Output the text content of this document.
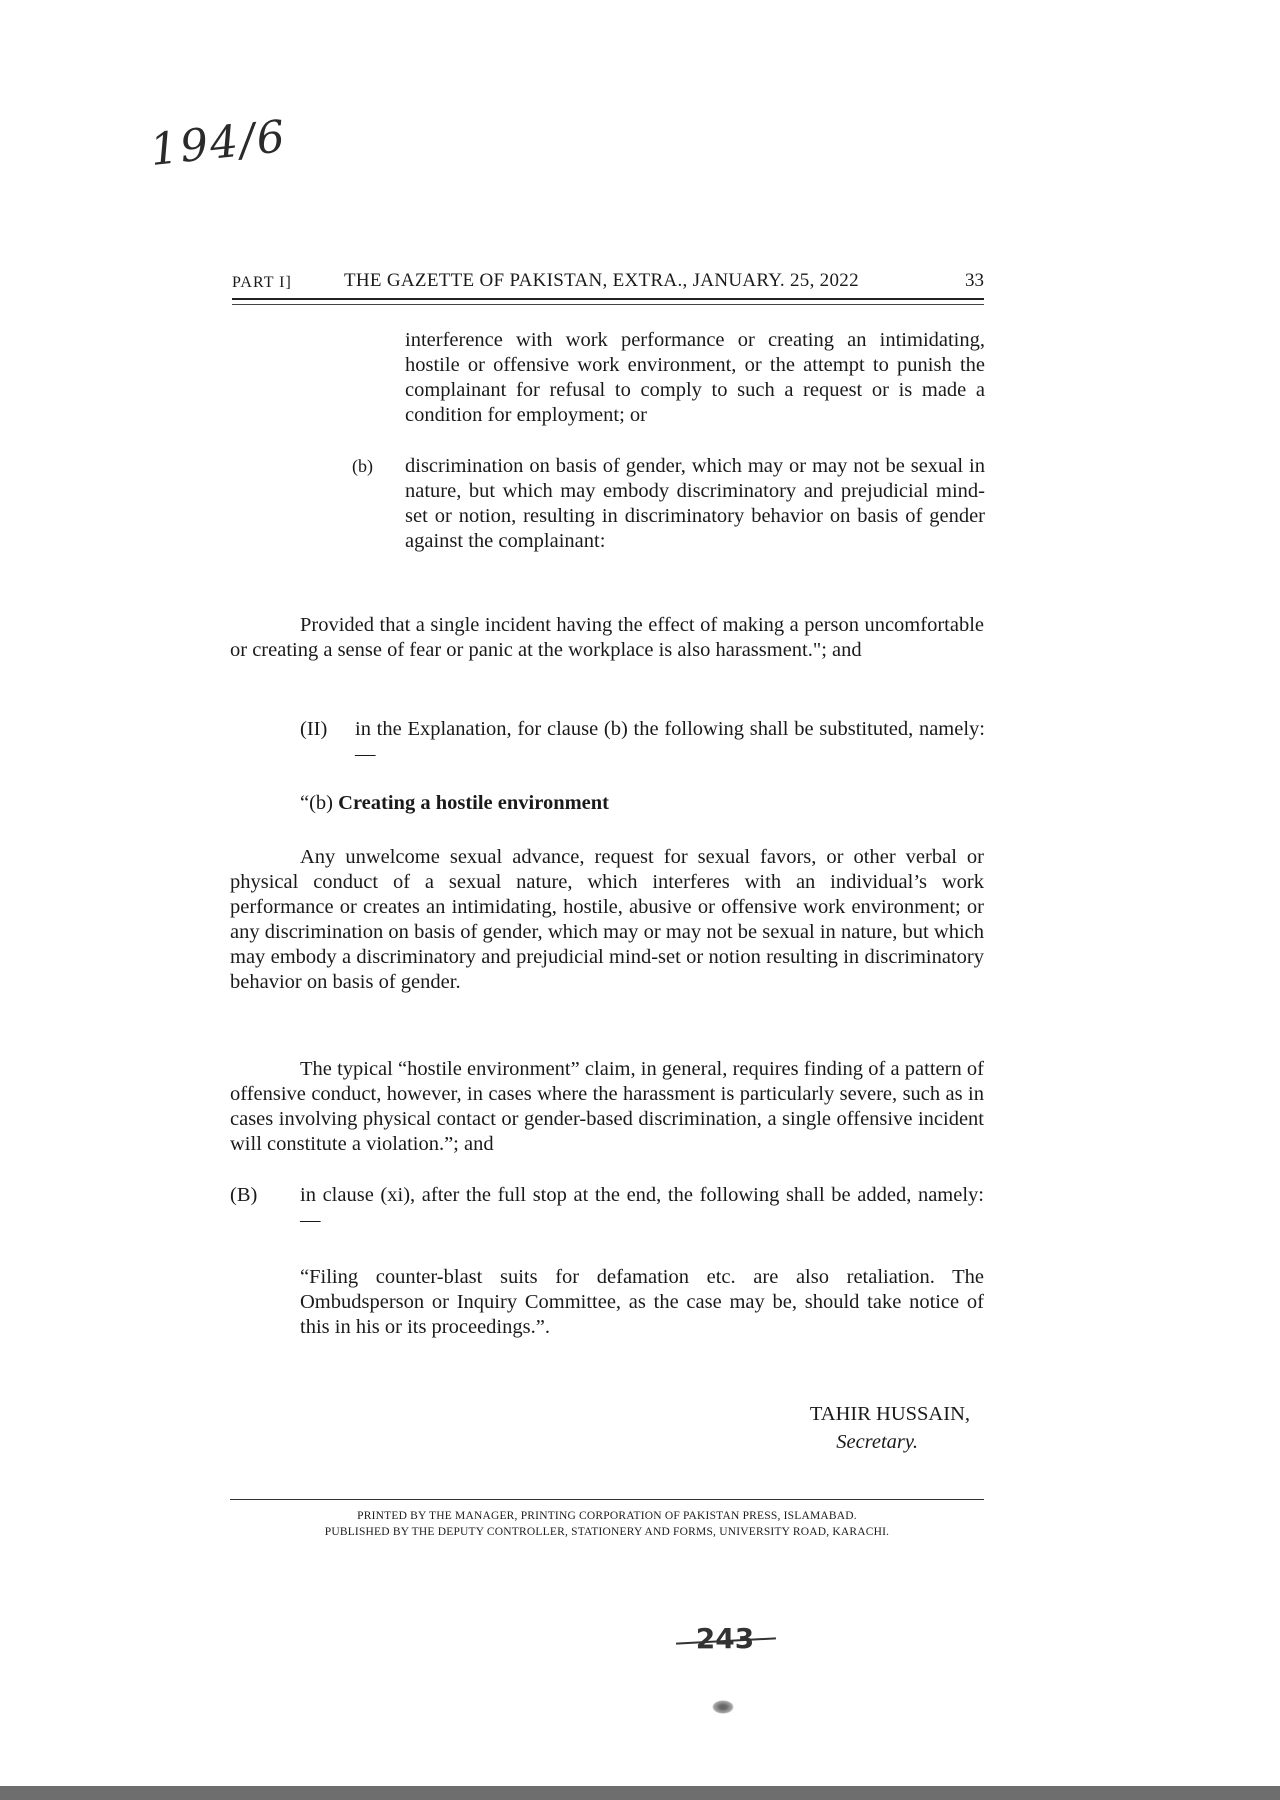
194/6
PART I]	THE GAZETTE OF PAKISTAN, EXTRA., JANUARY. 25, 2022	33

interference with work performance or creating an intimidating, hostile or offensive work environment, or the attempt to punish the complainant for refusal to comply to such a request or is made a condition for employment; or

(b) discrimination on basis of gender, which may or may not be sexual in nature, but which may embody discriminatory and prejudicial mind-set or notion, resulting in discriminatory behavior on basis of gender against the complainant:

Provided that a single incident having the effect of making a person uncomfortable or creating a sense of fear or panic at the workplace is also harassment."; and

(II) in the Explanation, for clause (b) the following shall be substituted, namely:—

“(b) Creating a hostile environment

Any unwelcome sexual advance, request for sexual favors, or other verbal or physical conduct of a sexual nature, which interferes with an individual’s work performance or creates an intimidating, hostile, abusive or offensive work environment; or any discrimination on basis of gender, which may or may not be sexual in nature, but which may embody a discriminatory and prejudicial mind-set or notion resulting in discriminatory behavior on basis of gender.

The typical “hostile environment” claim, in general, requires finding of a pattern of offensive conduct, however, in cases where the harassment is particularly severe, such as in cases involving physical contact or gender-based discrimination, a single offensive incident will constitute a violation.”; and

(B) in clause (xi), after the full stop at the end, the following shall be added, namely: —

“Filing counter-blast suits for defamation etc. are also retaliation. The Ombudsperson or Inquiry Committee, as the case may be, should take notice of this in his or its proceedings.”.

TAHIR HUSSAIN,
Secretary.
PRINTED BY THE MANAGER, PRINTING CORPORATION OF PAKISTAN PRESS, ISLAMABAD.
PUBLISHED BY THE DEPUTY CONTROLLER, STATIONERY AND FORMS, UNIVERSITY ROAD, KARACHI.
243
